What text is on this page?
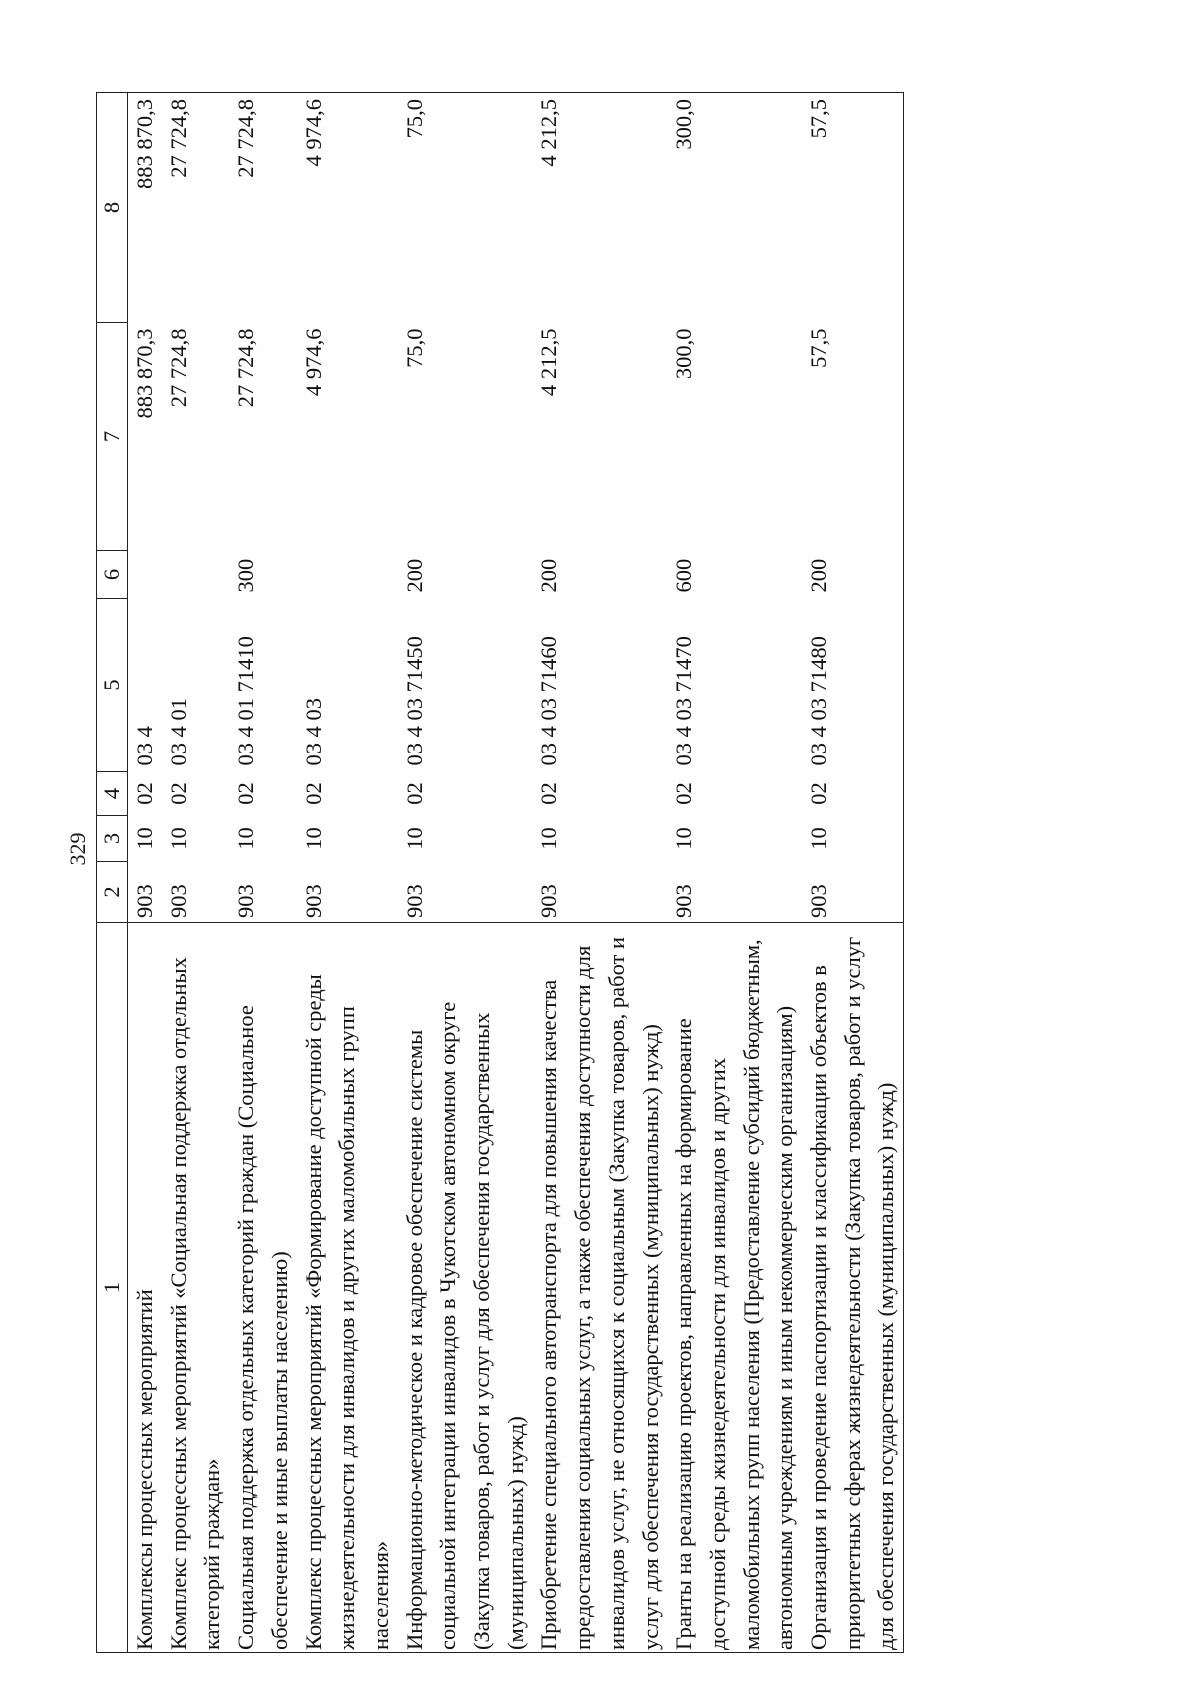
329
1	2	3	4	5	6	7	8
Комплексы процессных мероприятий	903	10	02	03 4		883 870,3	883 870,3
Комплекс процессных мероприятий «Социальная поддержка отдельных категорий граждан»	903	10	02	03 4 01		27 724,8	27 724,8
Социальная поддержка отдельных категорий граждан (Социальное обеспечение и иные выплаты населению)	903	10	02	03 4 01 71410	300	27 724,8	27 724,8
Комплекс процессных мероприятий «Формирование доступной среды жизнедеятельности для инвалидов и других маломобильных групп населения»	903	10	02	03 4 03		4 974,6	4 974,6
Информационно-методическое и кадровое обеспечение системы социальной интеграции инвалидов в Чукотском автономном округе (Закупка товаров, работ и услуг для обеспечения государственных (муниципальных) нужд)	903	10	02	03 4 03 71450	200	75,0	75,0
Приобретение специального автотранспорта для повышения качества предоставления социальных услуг, а также обеспечения доступности для инвалидов услуг, не относящихся к социальным (Закупка товаров, работ и услуг для обеспечения государственных (муниципальных) нужд)	903	10	02	03 4 03 71460	200	4 212,5	4 212,5
Гранты на реализацию проектов, направленных на формирование доступной среды жизнедеятельности для инвалидов и других маломобильных групп населения (Предоставление субсидий бюджетным, автономным учреждениям и иным некоммерческим организациям)	903	10	02	03 4 03 71470	600	300,0	300,0
Организация и проведение паспортизации и классификации объектов в приоритетных сферах жизнедеятельности (Закупка товаров, работ и услуг для обеспечения государственных (муниципальных) нужд)	903	10	02	03 4 03 71480	200	57,5	57,5
